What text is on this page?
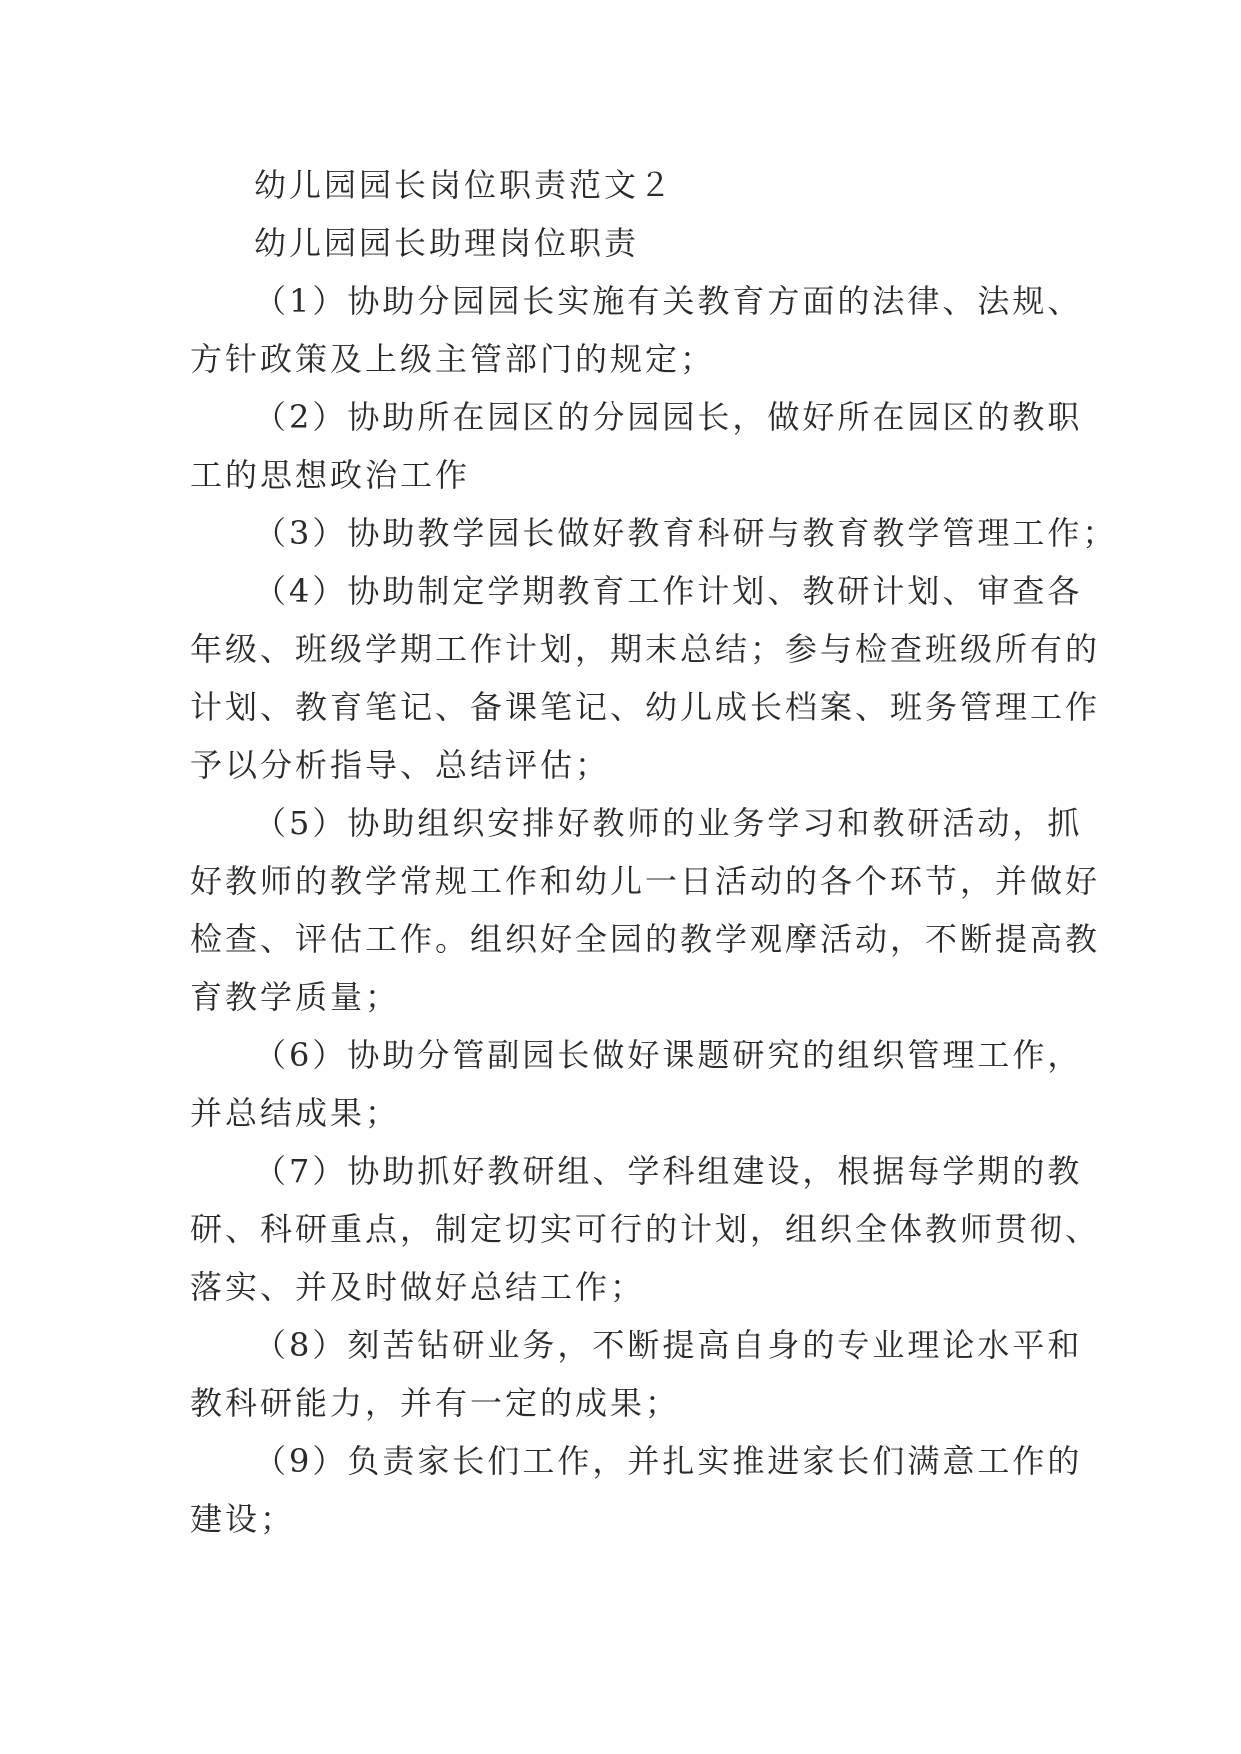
幼儿园园长岗位职责范文２
幼儿园园长助理岗位职责
（1）协助分园园长实施有关教育方面的法律、法规、
方针政策及上级主管部门的规定；
（2）协助所在园区的分园园长，做好所在园区的教职
工的思想政治工作
（3）协助教学园长做好教育科研与教育教学管理工作；
（4）协助制定学期教育工作计划、教研计划、审查各
年级、班级学期工作计划，期末总结；参与检查班级所有的
计划、教育笔记、备课笔记、幼儿成长档案、班务管理工作
予以分析指导、总结评估；
（5）协助组织安排好教师的业务学习和教研活动，抓
好教师的教学常规工作和幼儿一日活动的各个环节，并做好
检查、评估工作。组织好全园的教学观摩活动，不断提高教
育教学质量；
（6）协助分管副园长做好课题研究的组织管理工作，
并总结成果；
（7）协助抓好教研组、学科组建设，根据每学期的教
研、科研重点，制定切实可行的计划，组织全体教师贯彻、
落实、并及时做好总结工作；
（8）刻苦钻研业务，不断提高自身的专业理论水平和
教科研能力，并有一定的成果；
（9）负责家长们工作，并扎实推进家长们满意工作的
建设；
